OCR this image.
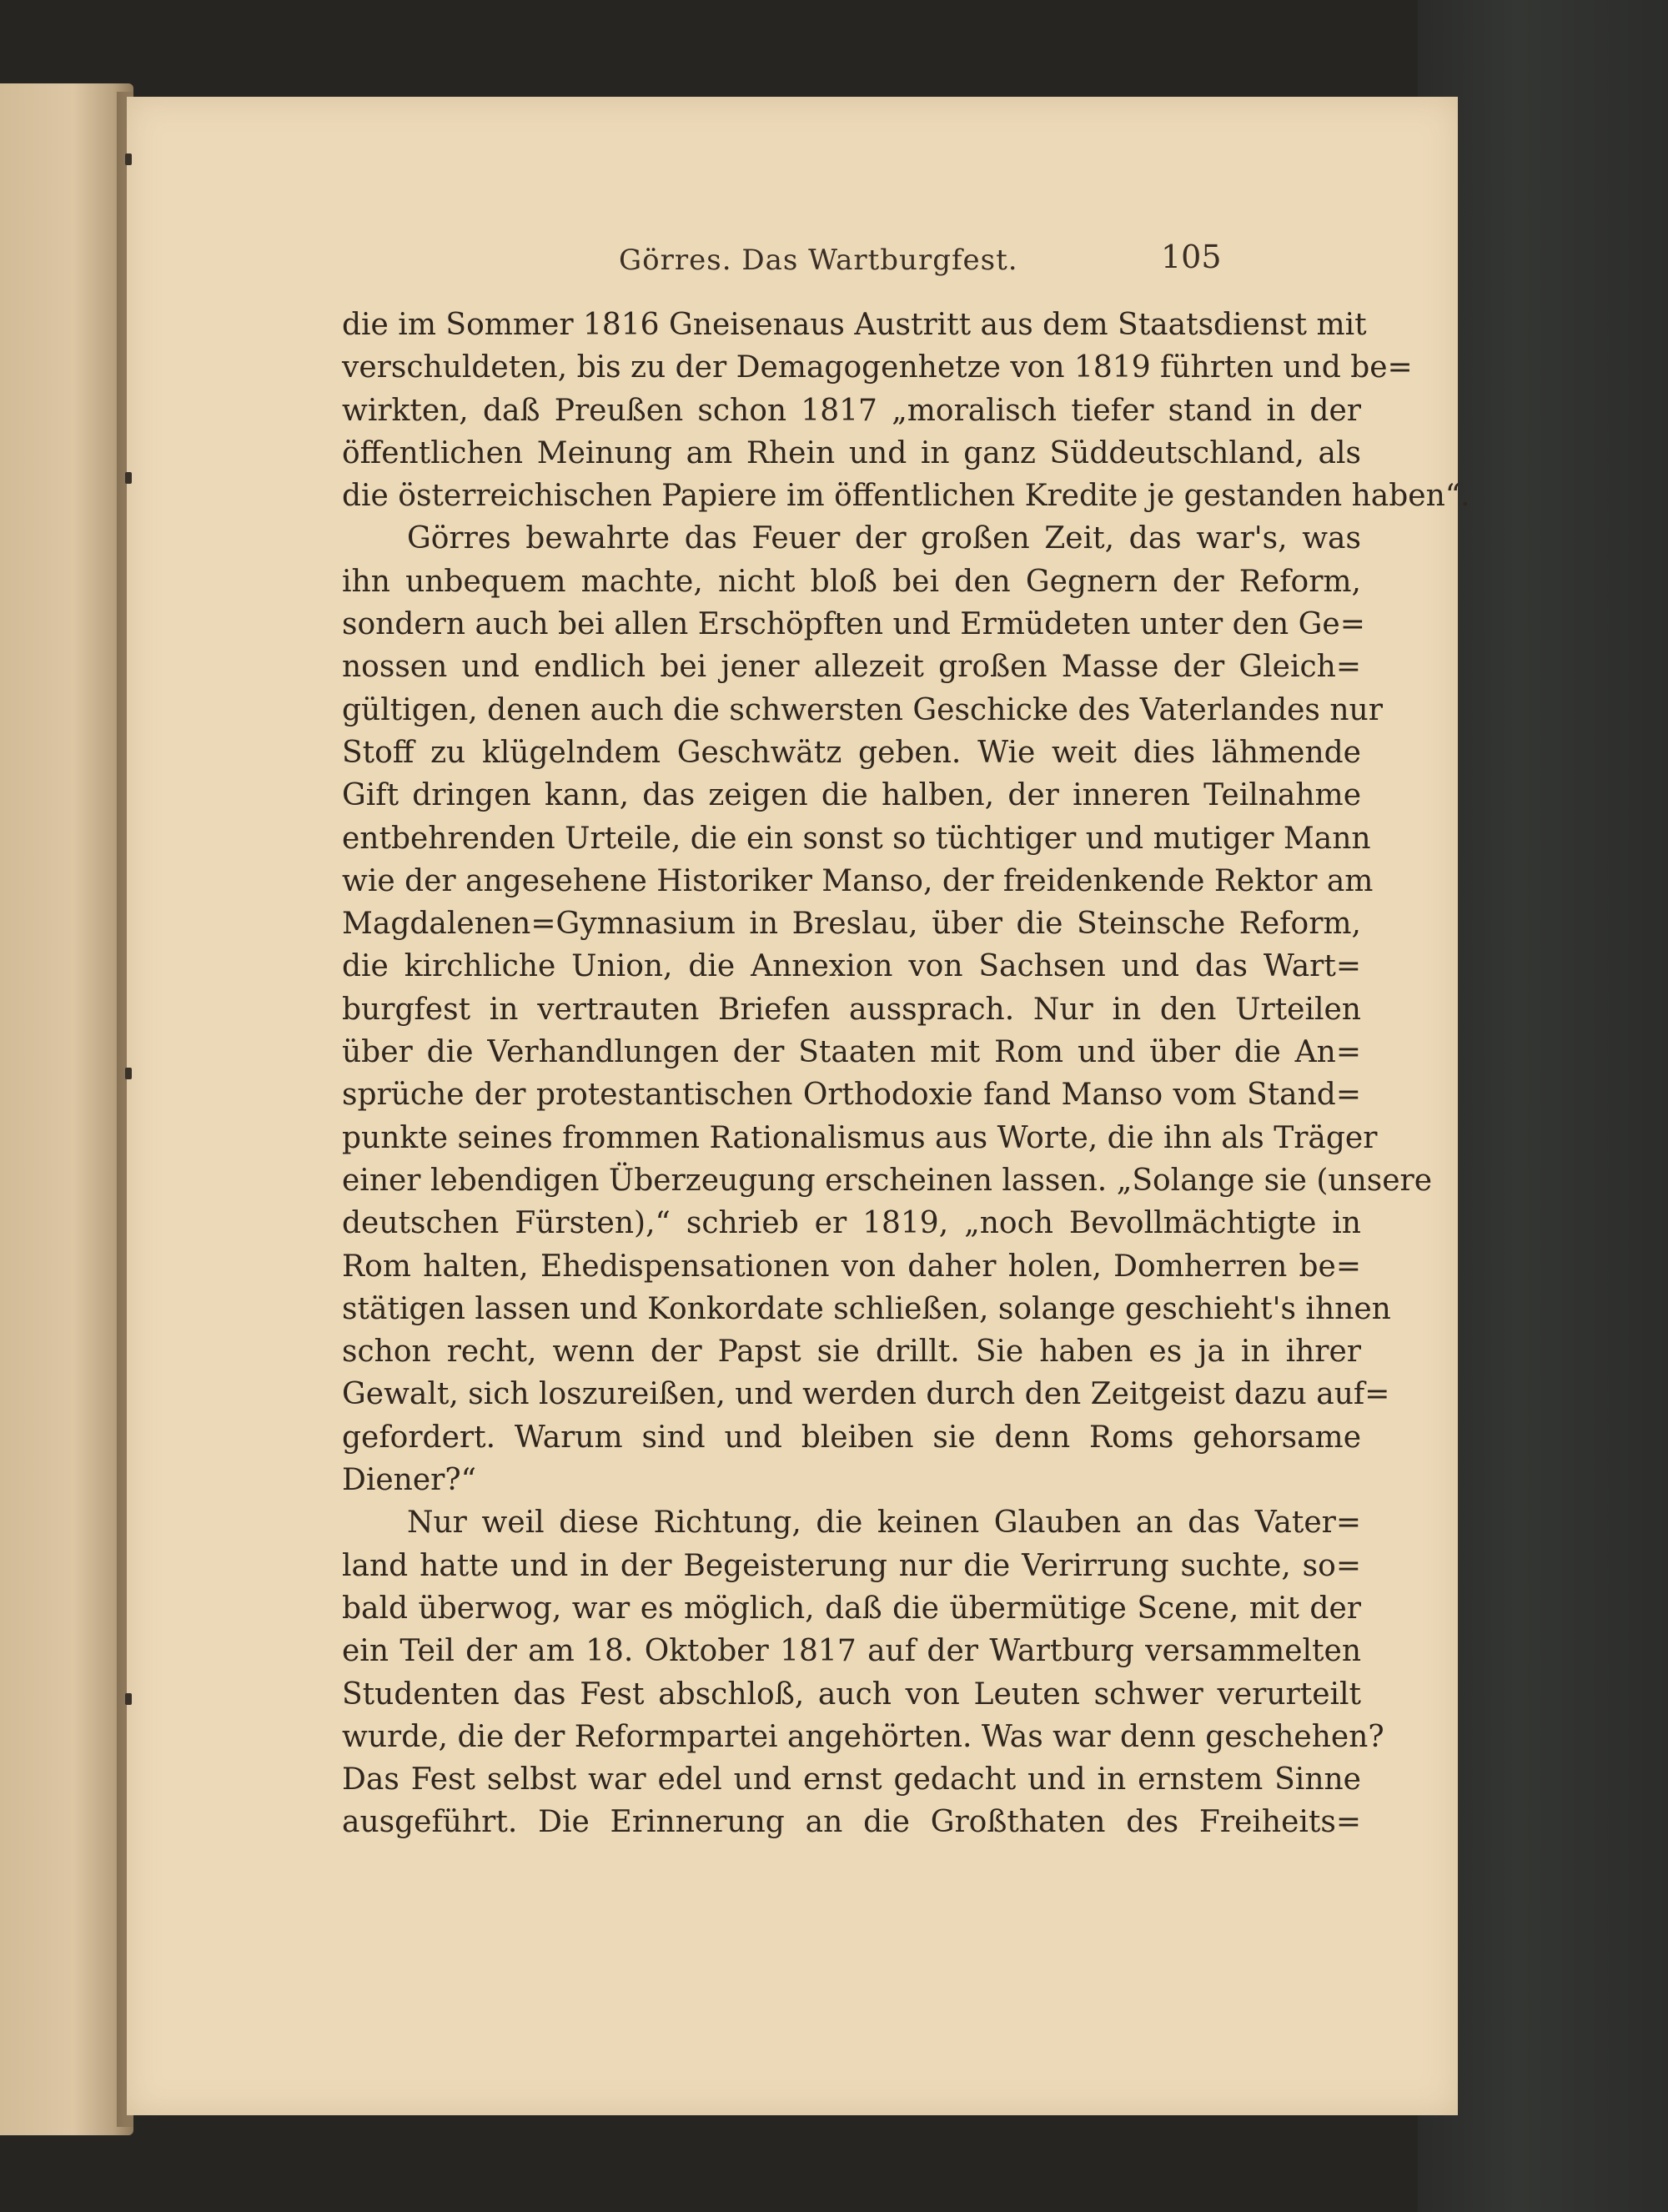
Görres. Das Wartburgfest.	105
die im Sommer 1816 Gneisenaus Austritt aus dem Staatsdienst mit
verschuldeten, bis zu der Demagogenhetze von 1819 führten und be=
wirkten, daß Preußen schon 1817 „moralisch tiefer stand in der
öffentlichen Meinung am Rhein und in ganz Süddeutschland, als
die österreichischen Papiere im öffentlichen Kredite je gestanden haben“.
Görres bewahrte das Feuer der großen Zeit, das war's, was
ihn unbequem machte, nicht bloß bei den Gegnern der Reform,
sondern auch bei allen Erschöpften und Ermüdeten unter den Ge=
nossen und endlich bei jener allezeit großen Masse der Gleich=
gültigen, denen auch die schwersten Geschicke des Vaterlandes nur
Stoff zu klügelndem Geschwätz geben. Wie weit dies lähmende
Gift dringen kann, das zeigen die halben, der inneren Teilnahme
entbehrenden Urteile, die ein sonst so tüchtiger und mutiger Mann
wie der angesehene Historiker Manso, der freidenkende Rektor am
Magdalenen=Gymnasium in Breslau, über die Steinsche Reform,
die kirchliche Union, die Annexion von Sachsen und das Wart=
burgfest in vertrauten Briefen aussprach. Nur in den Urteilen
über die Verhandlungen der Staaten mit Rom und über die An=
sprüche der protestantischen Orthodoxie fand Manso vom Stand=
punkte seines frommen Rationalismus aus Worte, die ihn als Träger
einer lebendigen Überzeugung erscheinen lassen. „Solange sie (unsere
deutschen Fürsten),“ schrieb er 1819, „noch Bevollmächtigte in
Rom halten, Ehedispensationen von daher holen, Domherren be=
stätigen lassen und Konkordate schließen, solange geschieht's ihnen
schon recht, wenn der Papst sie drillt. Sie haben es ja in ihrer
Gewalt, sich loszureißen, und werden durch den Zeitgeist dazu auf=
gefordert. Warum sind und bleiben sie denn Roms gehorsame
Diener?“
Nur weil diese Richtung, die keinen Glauben an das Vater=
land hatte und in der Begeisterung nur die Verirrung suchte, so=
bald überwog, war es möglich, daß die übermütige Scene, mit der
ein Teil der am 18. Oktober 1817 auf der Wartburg versammelten
Studenten das Fest abschloß, auch von Leuten schwer verurteilt
wurde, die der Reformpartei angehörten. Was war denn geschehen?
Das Fest selbst war edel und ernst gedacht und in ernstem Sinne
ausgeführt. Die Erinnerung an die Großthaten des Freiheits=
